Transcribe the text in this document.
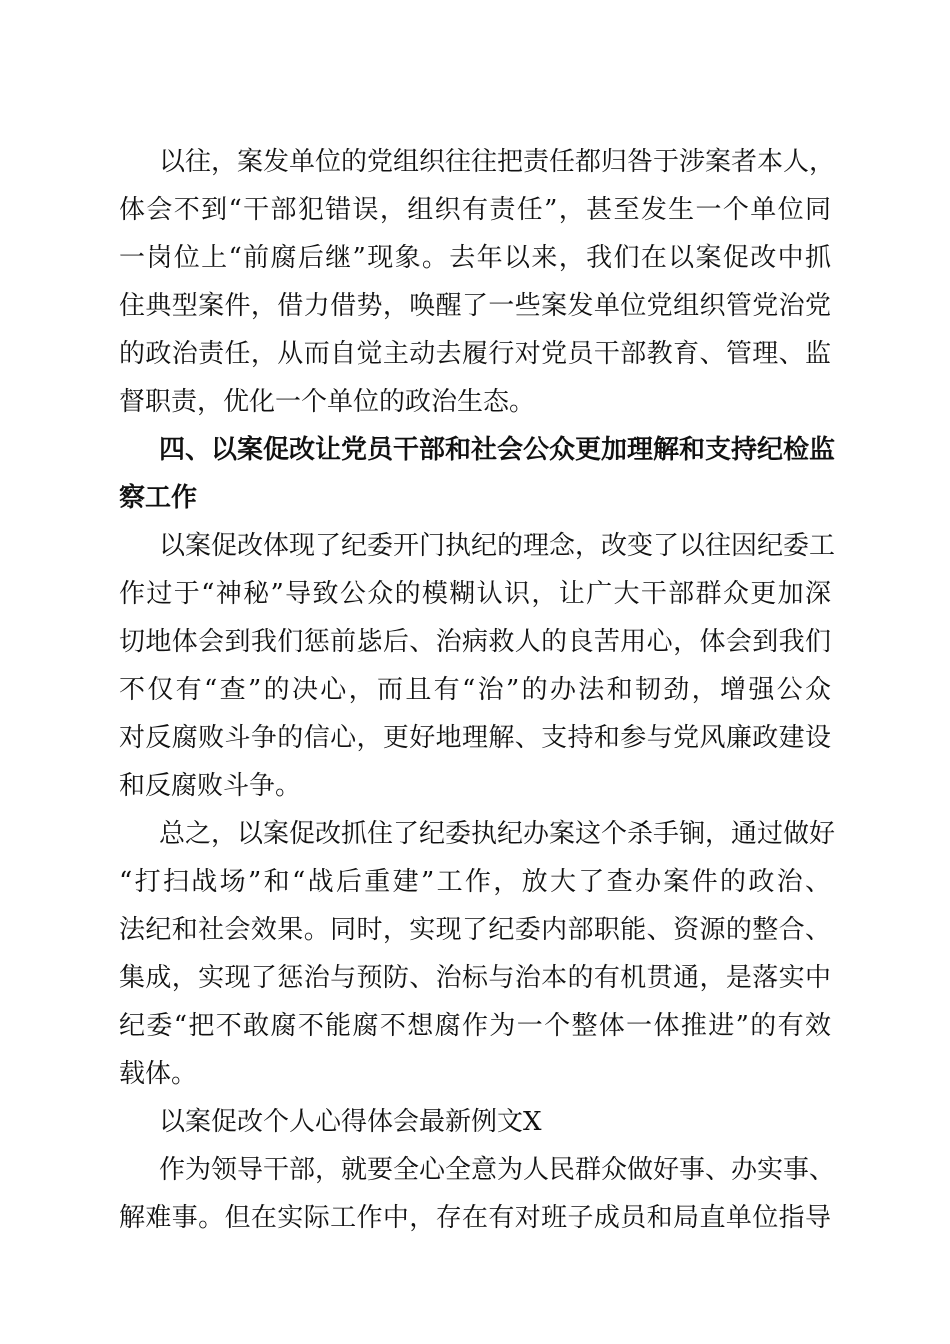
以往，案发单位的党组织往往把责任都归咎于涉案者本人，
体会不到“干部犯错误，组织有责任”，甚至发生一个单位同
一岗位上“前腐后继”现象。去年以来，我们在以案促改中抓
住典型案件，借力借势，唤醒了一些案发单位党组织管党治党
的政治责任，从而自觉主动去履行对党员干部教育、管理、监
督职责，优化一个单位的政治生态。
四、以案促改让党员干部和社会公众更加理解和支持纪检监
察工作
以案促改体现了纪委开门执纪的理念，改变了以往因纪委工
作过于“神秘”导致公众的模糊认识，让广大干部群众更加深
切地体会到我们惩前毖后、治病救人的良苦用心，体会到我们
不仅有“查”的决心，而且有“治”的办法和韧劲，增强公众
对反腐败斗争的信心，更好地理解、支持和参与党风廉政建设
和反腐败斗争。
总之，以案促改抓住了纪委执纪办案这个杀手锏，通过做好
“打扫战场”和“战后重建”工作，放大了查办案件的政治、
法纪和社会效果。同时，实现了纪委内部职能、资源的整合、
集成，实现了惩治与预防、治标与治本的有机贯通，是落实中
纪委“把不敢腐不能腐不想腐作为一个整体一体推进”的有效
载体。
以案促改个人心得体会最新例文X
作为领导干部，就要全心全意为人民群众做好事、办实事、
解难事。但在实际工作中，存在有对班子成员和局直单位指导
